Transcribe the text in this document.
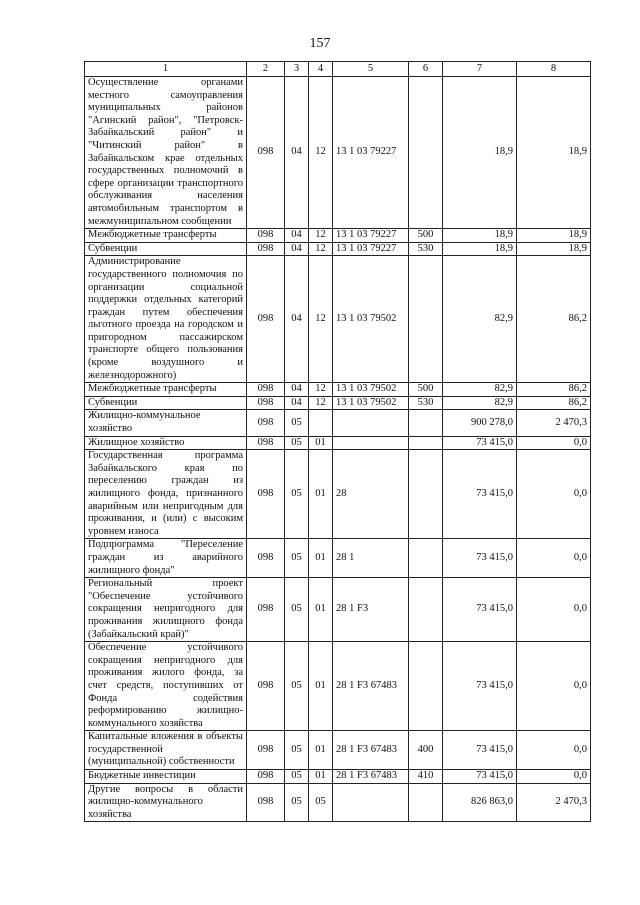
157
1	2	3	4	5	6	7	8
Осуществление органами местного самоуправления муниципальных районов "Агинский район", "Петровск-Забайкальский район" и "Читинский район" в Забайкальском крае отдельных государственных полномочий в сфере организации транспортного обслуживания населения автомобильным транспортом в межмуниципальном сообщении	098	04	12	13 1 03 79227		18,9	18,9
Межбюджетные трансферты	098	04	12	13 1 03 79227	500	18,9	18,9
Субвенции	098	04	12	13 1 03 79227	530	18,9	18,9
Администрирование государственного полномочия по организации социальной поддержки отдельных категорий граждан путем обеспечения льготного проезда на городском и пригородном пассажирском транспорте общего пользования (кроме воздушного и железнодорожного)	098	04	12	13 1 03 79502		82,9	86,2
Межбюджетные трансферты	098	04	12	13 1 03 79502	500	82,9	86,2
Субвенции	098	04	12	13 1 03 79502	530	82,9	86,2
Жилищно-коммунальное хозяйство	098	05				900 278,0	2 470,3
Жилищное хозяйство	098	05	01			73 415,0	0,0
Государственная программа Забайкальского края по переселению граждан из жилищного фонда, признанного аварийным или непригодным для проживания, и (или) с высоким уровнем износа	098	05	01	28		73 415,0	0,0
Подпрограмма "Переселение граждан из аварийного жилищного фонда"	098	05	01	28 1		73 415,0	0,0
Региональный проект "Обеспечение устойчивого сокращения непригодного для проживания жилищного фонда (Забайкальский край)"	098	05	01	28 1 F3		73 415,0	0,0
Обеспечение устойчивого сокращения непригодного для проживания жилого фонда, за счет средств, поступивших от Фонда содействия реформированию жилищно-коммунального хозяйства	098	05	01	28 1 F3 67483		73 415,0	0,0
Капитальные вложения в объекты государственной (муниципальной) собственности	098	05	01	28 1 F3 67483	400	73 415,0	0,0
Бюджетные инвестиции	098	05	01	28 1 F3 67483	410	73 415,0	0,0
Другие вопросы в области жилищно-коммунального хозяйства	098	05	05			826 863,0	2 470,3
